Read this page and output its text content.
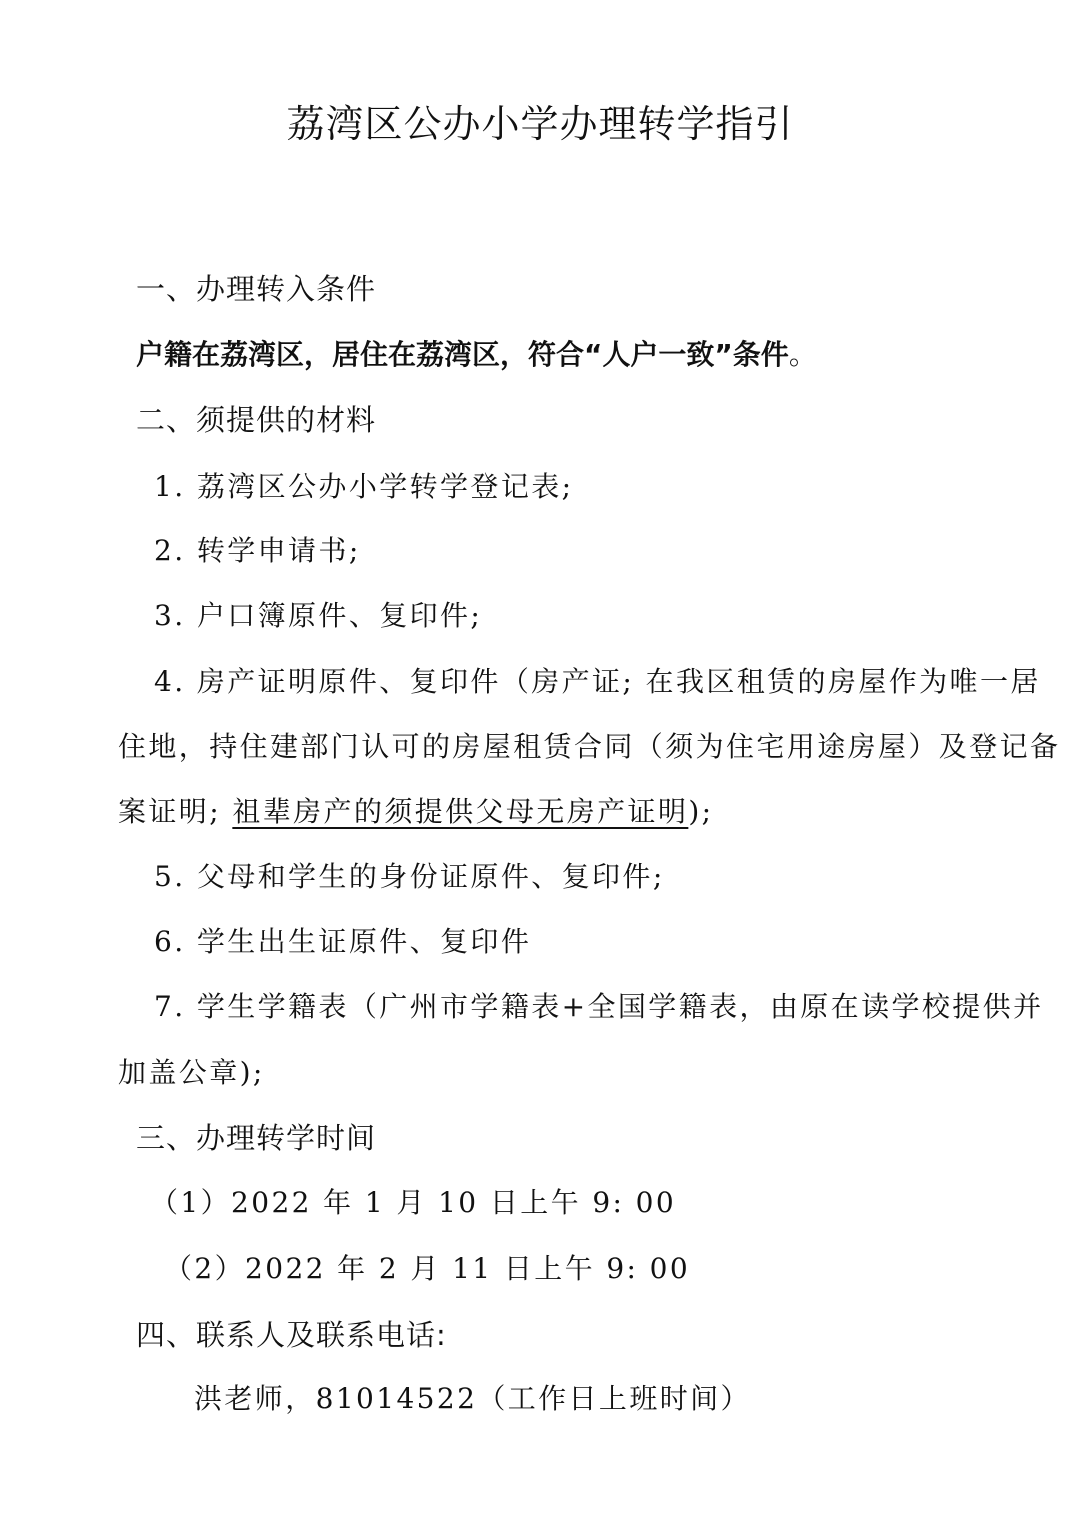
荔湾区公办小学办理转学指引
一、办理转入条件
户籍在荔湾区，居住在荔湾区，符合“人户一致”条件。
二、须提供的材料
1. 荔湾区公办小学转学登记表;
2. 转学申请书;
3. 户口簿原件、复印件;
4. 房产证明原件、复印件（房产证; 在我区租赁的房屋作为唯一居
住地，持住建部门认可的房屋租赁合同（须为住宅用途房屋）及登记备
案证明; 祖辈房产的须提供父母无房产证明);
5. 父母和学生的身份证原件、复印件;
6. 学生出生证原件、复印件
7. 学生学籍表（广州市学籍表+全国学籍表，由原在读学校提供并
加盖公章);
三、办理转学时间
（1）2022 年 1 月 10 日上午 9: 00
（2）2022 年 2 月 11 日上午 9: 00
四、联系人及联系电话:
洪老师，81014522（工作日上班时间）
